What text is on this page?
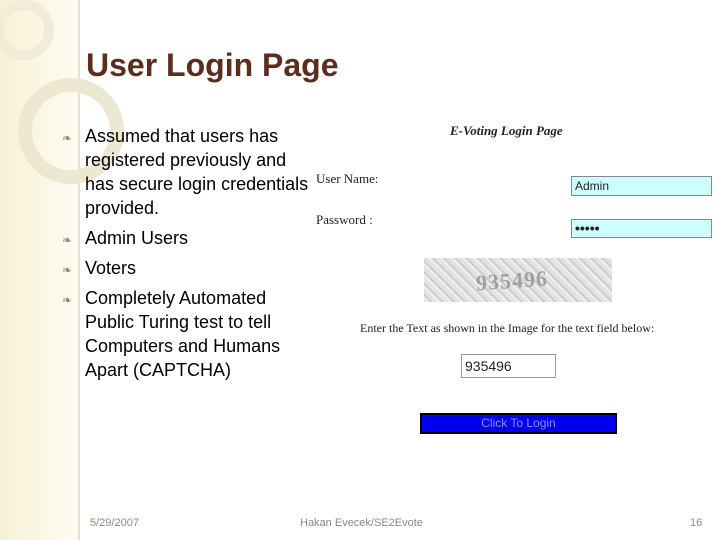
User Login Page
❧ Assumed that users has registered previously and has secure login credentials provided.
❧ Admin Users
❧ Voters
❧ Completely Automated Public Turing test to tell Computers and Humans Apart (CAPTCHA)
E-Voting Login Page
User Name:	Admin
Password :
•••••
935496
Enter the Text as shown in the Image for the text field below:
935496
Click To Login
5/29/2007	Hakan Evecek/SE2Evote	16
